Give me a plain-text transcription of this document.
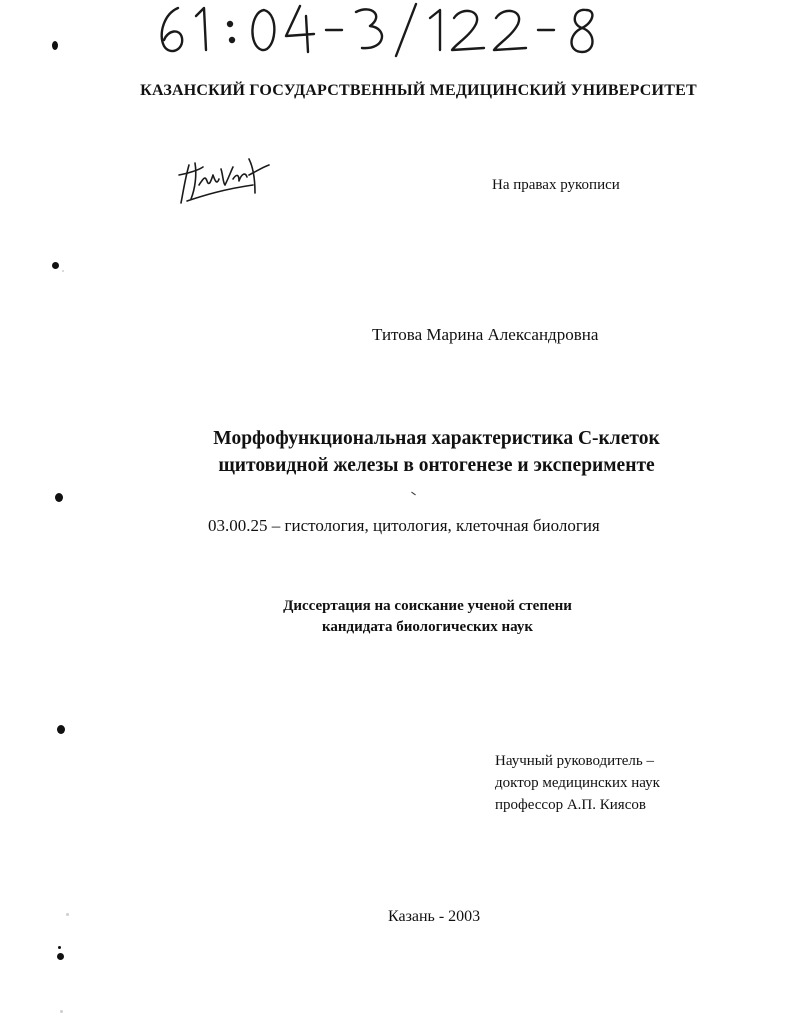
КАЗАНСКИЙ ГОСУДАРСТВЕННЫЙ МЕДИЦИНСКИЙ УНИВЕРСИТЕТ
На правах рукописи
Титова Марина Александровна
Морфофункциональная характеристика С-клеток
щитовидной железы в онтогенезе и эксперименте
03.00.25 – гистология, цитология, клеточная биология
Диссертация на соискание ученой степени
кандидата биологических наук
Научный руководитель –
доктор медицинских наук
профессор А.П. Киясов
Казань - 2003
